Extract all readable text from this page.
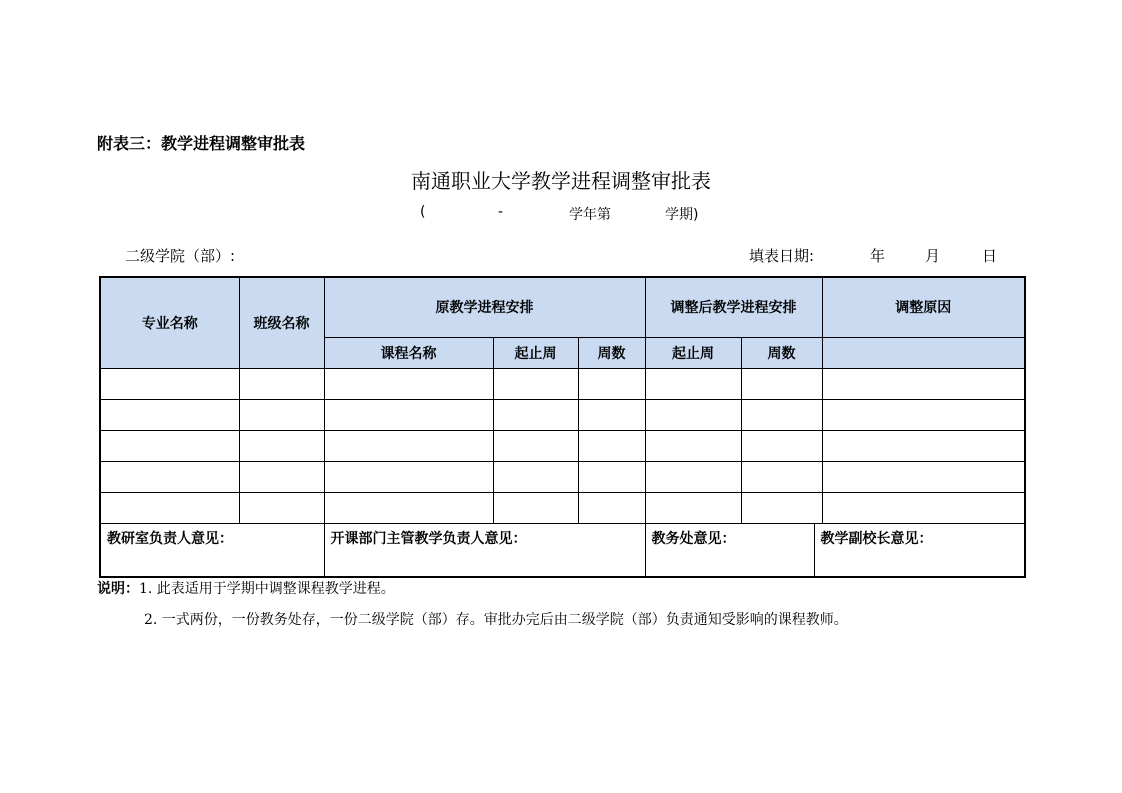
附表三：教学进程调整审批表
南通职业大学教学进程调整审批表
(	-	学年第	学期)
二级学院（部）:	填表日期:	年	月	日
专业名称	班级名称	原教学进程安排			调整后教学进程安排			调整原因
		课程名称	起止周	周数	起止周	周数		

教研室负责人意见：		开课部门主管教学负责人意见：			教务处意见：		教学副校长意见：	
说明：1. 此表适用于学期中调整课程教学进程。
2. 一式两份，一份教务处存，一份二级学院（部）存。审批办完后由二级学院（部）负责通知受影响的课程教师。
